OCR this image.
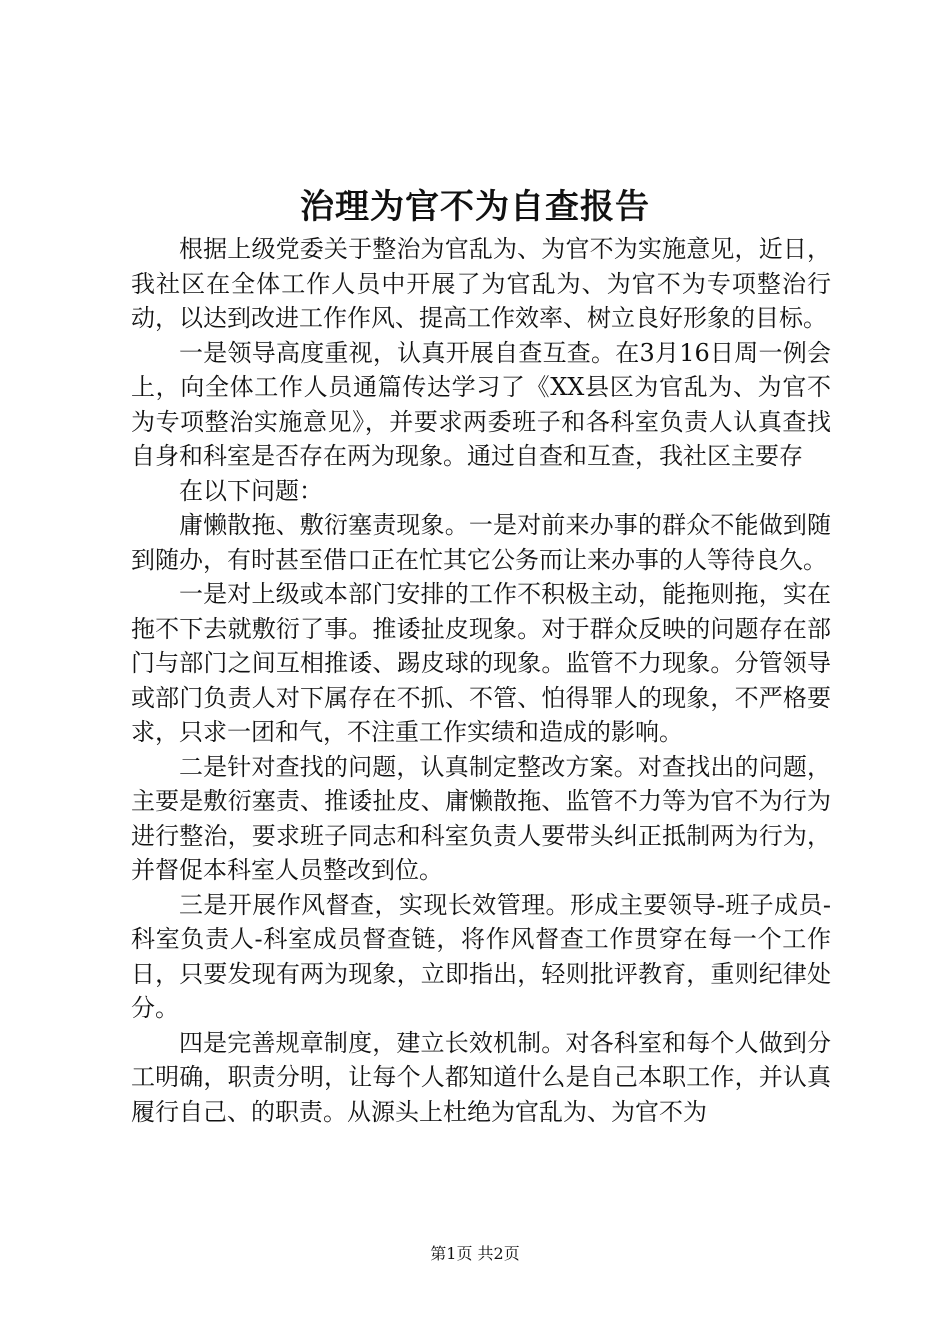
治理为官不为自查报告

根据上级党委关于整治为官乱为、为官不为实施意见，近日，我社区在全体工作人员中开展了为官乱为、为官不为专项整治行动，以达到改进工作作风、提高工作效率、树立良好形象的目标。

一是领导高度重视，认真开展自查互查。在3月16日周一例会上，向全体工作人员通篇传达学习了《XX县区为官乱为、为官不为专项整治实施意见》，并要求两委班子和各科室负责人认真查找自身和科室是否存在两为现象。通过自查和互查，我社区主要存

在以下问题：

庸懒散拖、敷衍塞责现象。一是对前来办事的群众不能做到随到随办，有时甚至借口正在忙其它公务而让来办事的人等待良久。

一是对上级或本部门安排的工作不积极主动，能拖则拖，实在拖不下去就敷衍了事。推诿扯皮现象。对于群众反映的问题存在部门与部门之间互相推诿、踢皮球的现象。监管不力现象。分管领导或部门负责人对下属存在不抓、不管、怕得罪人的现象，不严格要求，只求一团和气，不注重工作实绩和造成的影响。

二是针对查找的问题，认真制定整改方案。对查找出的问题，主要是敷衍塞责、推诿扯皮、庸懒散拖、监管不力等为官不为行为进行整治，要求班子同志和科室负责人要带头纠正抵制两为行为，并督促本科室人员整改到位。

三是开展作风督查，实现长效管理。形成主要领导-班子成员-科室负责人-科室成员督查链，将作风督查工作贯穿在每一个工作日，只要发现有两为现象，立即指出，轻则批评教育，重则纪律处分。

四是完善规章制度，建立长效机制。对各科室和每个人做到分工明确，职责分明，让每个人都知道什么是自己本职工作，并认真履行自己、的职责。从源头上杜绝为官乱为、为官不为

第1页 共2页
